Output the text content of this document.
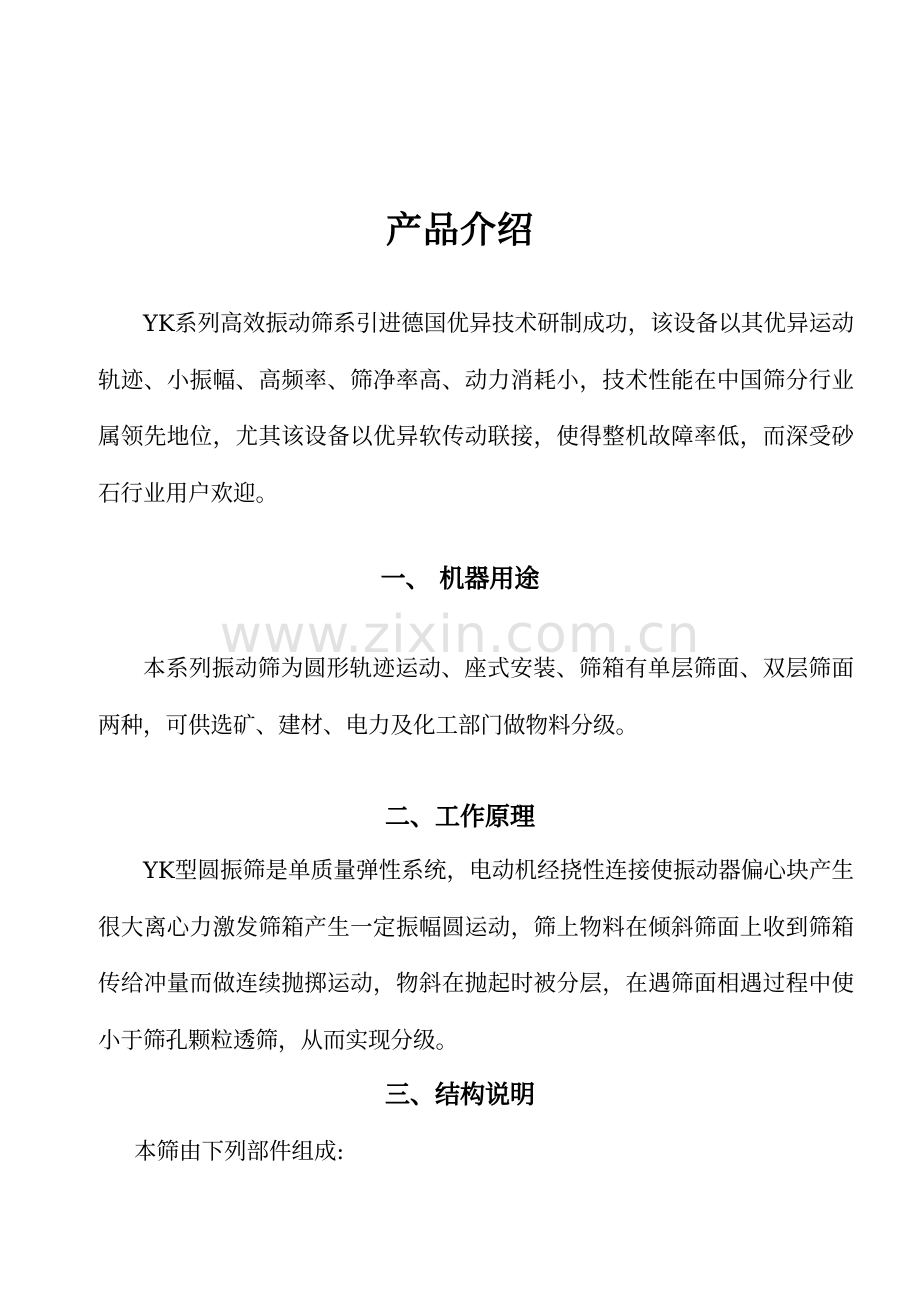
产品介绍

YK系列高效振动筛系引进德国优异技术研制成功，该设备以其优异运动轨迹、小振幅、高频率、筛净率高、动力消耗小，技术性能在中国筛分行业属领先地位，尤其该设备以优异软传动联接，使得整机故障率低，而深受砂石行业用户欢迎。

一、 机器用途
www.zixin.com.cn

本系列振动筛为圆形轨迹运动、座式安装、筛箱有单层筛面、双层筛面两种，可供选矿、建材、电力及化工部门做物料分级。

二、工作原理

YK型圆振筛是单质量弹性系统，电动机经挠性连接使振动器偏心块产生很大离心力激发筛箱产生一定振幅圆运动，筛上物料在倾斜筛面上收到筛箱传给冲量而做连续抛掷运动，物斜在抛起时被分层，在遇筛面相遇过程中使小于筛孔颗粒透筛，从而实现分级。

三、结构说明

本筛由下列部件组成:
